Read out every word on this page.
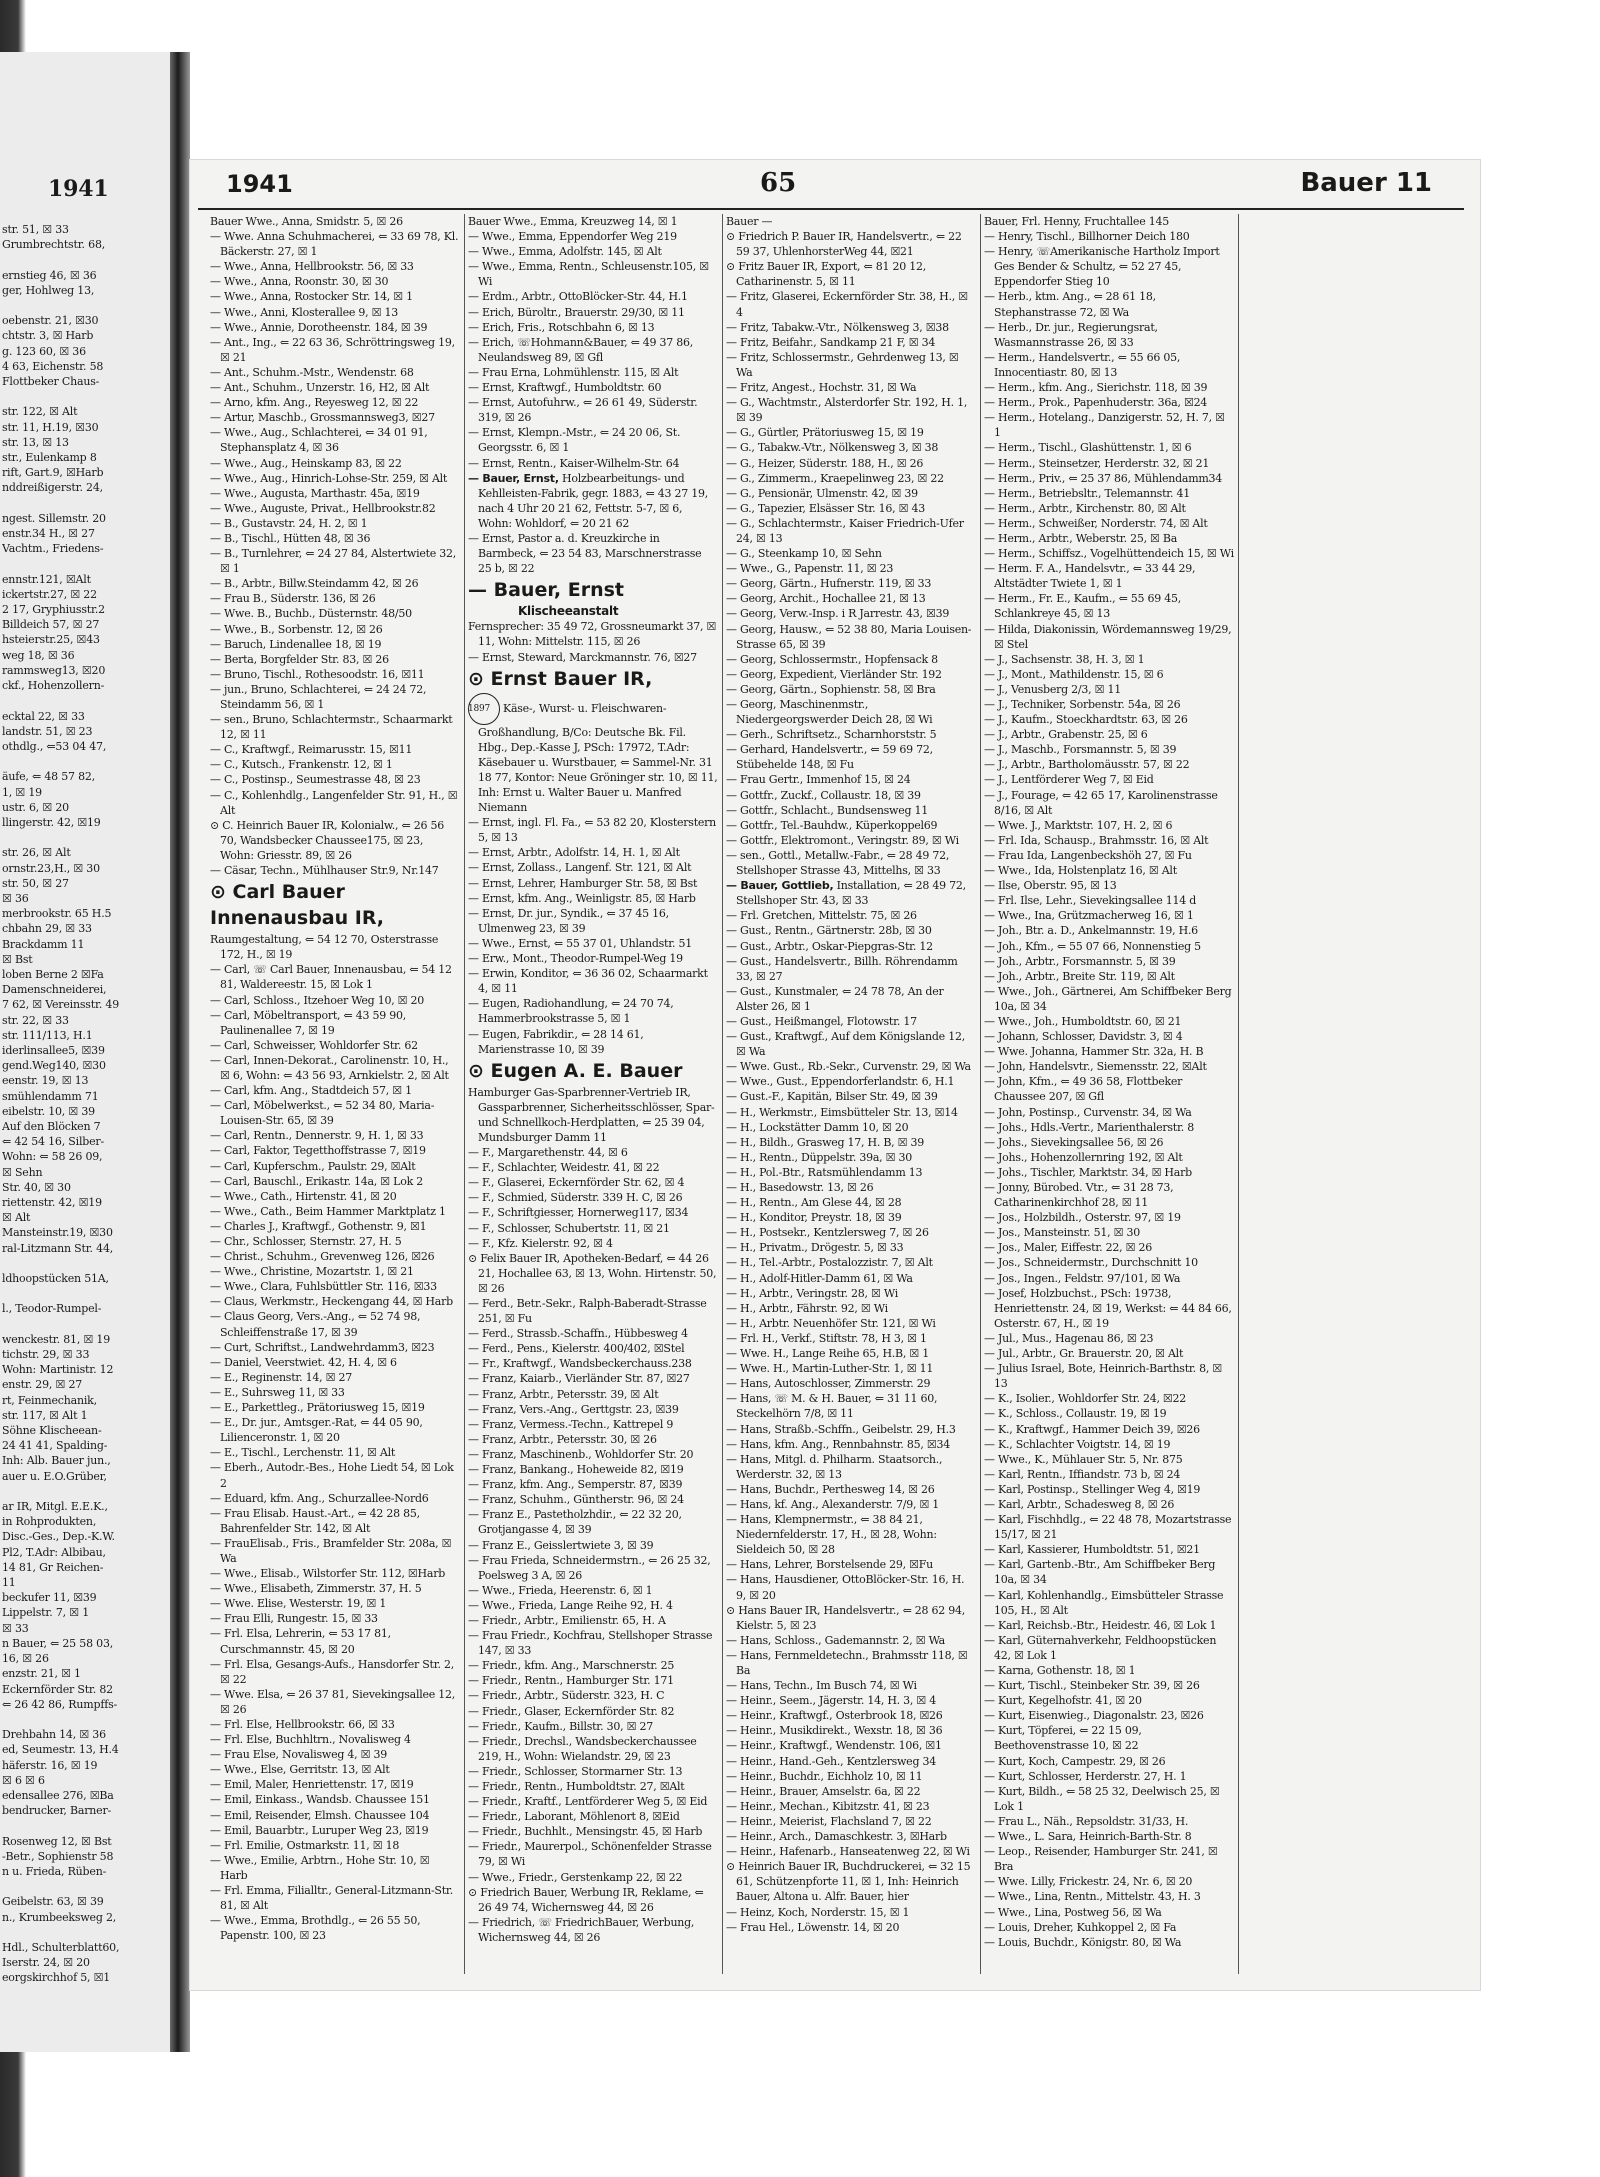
1941
str. 51, ☒ 33
Grumbrechtstr. 68,

ernstieg 46, ☒ 36
ger, Hohlweg 13,

oebenstr. 21, ☒30
chtstr. 3, ☒ Harb
g. 123 60, ☒ 36
4 63, Eichenstr. 58
Flottbeker Chaus-

str. 122, ☒ Alt
str. 11, H.19, ☒30
str. 13, ☒ 13
str., Eulenkamp 8
rift, Gart.9, ☒Harb
nddreißigerstr. 24,

ngest. Sillemstr. 20
enstr.34 H., ☒ 27
Vachtm., Friedens-

ennstr.121, ☒Alt
ickertstr.27, ☒ 22
2 17, Gryphiusstr.2
Billdeich 57, ☒ 27
hsteierstr.25, ☒43
weg 18, ☒ 36
rammsweg13, ☒20
ckf., Hohenzollern-

ecktal 22, ☒ 33
landstr. 51, ☒ 23
othdlg., ⇐53 04 47,

äufe, ⇐ 48 57 82,
1, ☒ 19
ustr. 6, ☒ 20
llingerstr. 42, ☒19

str. 26, ☒ Alt
ornstr.23,H., ☒ 30
str. 50, ☒ 27
☒ 36
merbrookstr. 65 H.5
chbahn 29, ☒ 33
Brackdamm 11
☒ Bst
loben Berne 2 ☒Fa
Damenschneiderei,
7 62, ☒ Vereinsstr. 49
str. 22, ☒ 33
str. 111/113, H.1
iderlinsallee5, ☒39
gend.Weg140, ☒30
eenstr. 19, ☒ 13
smühlendamm 71
eibelstr. 10, ☒ 39
Auf den Blöcken 7
⇐ 42 54 16, Silber-
Wohn: ⇐ 58 26 09,
☒ Sehn
Str. 40, ☒ 30
riettenstr. 42, ☒19
☒ Alt
Mansteinstr.19, ☒30
ral-Litzmann Str. 44,

ldhoopstücken 51A,

l., Teodor-Rumpel-

wenckestr. 81, ☒ 19
tichstr. 29, ☒ 33
Wohn: Martinistr. 12
enstr. 29, ☒ 27
rt, Feinmechanik,
str. 117, ☒ Alt 1
Söhne Klischeean-
24 41 41, Spalding-
Inh: Alb. Bauer jun.,
auer u. E.O.Grüber,

ar IR, Mitgl. E.E.K.,
in Rohprodukten,
Disc.-Ges., Dep.-K.W.
Pl2, T.Adr: Albibau,
14 81, Gr Reichen-
11
beckufer 11, ☒39
Lippelstr. 7, ☒ 1
☒ 33
n Bauer, ⇐ 25 58 03,
16, ☒ 26
enzstr. 21, ☒ 1
Eckernförder Str. 82
⇐ 26 42 86, Rumpffs-

Drehbahn 14, ☒ 36
ed, Seumestr. 13, H.4
häferstr. 16, ☒ 19
☒ 6 ☒ 6
edensallee 276, ☒Ba
bendrucker, Barner-

Rosenweg 12, ☒ Bst
-Betr., Sophienstr 58
n u. Frieda, Rüben-

Geibelstr. 63, ☒ 39
n., Krumbeeksweg 2,

Hdl., Schulterblatt60,
Iserstr. 24, ☒ 20
eorgskirchhof 5, ☒1
1941	65	Bauer 11
Bauer Wwe., Anna, Smidstr. 5, ☒ 26
— Wwe. Anna Schuhmacherei, ⇐ 33 69 78, Kl. Bäckerstr. 27, ☒ 1
— Wwe., Anna, Hellbrookstr. 56, ☒ 33
— Wwe., Anna, Roonstr. 30, ☒ 30
— Wwe., Anna, Rostocker Str. 14, ☒ 1
— Wwe., Anni, Klosterallee 9, ☒ 13
— Wwe., Annie, Dorotheenstr. 184, ☒ 39
— Ant., Ing., ⇐ 22 63 36, Schröttringsweg 19, ☒ 21
— Ant., Schuhm.-Mstr., Wendenstr. 68
— Ant., Schuhm., Unzerstr. 16, H2, ☒ Alt
— Arno, kfm. Ang., Reyesweg 12, ☒ 22
— Artur, Maschb., Grossmannsweg3, ☒27
— Wwe., Aug., Schlachterei, ⇐ 34 01 91, Stephansplatz 4, ☒ 36
— Wwe., Aug., Heinskamp 83, ☒ 22
— Wwe., Aug., Hinrich-Lohse-Str. 259, ☒ Alt
— Wwe., Augusta, Marthastr. 45a, ☒19
— Wwe., Auguste, Privat., Hellbrookstr.82
— B., Gustavstr. 24, H. 2, ☒ 1
— B., Tischl., Hütten 48, ☒ 36
— B., Turnlehrer, ⇐ 24 27 84, Alstertwiete 32, ☒ 1
— B., Arbtr., Billw.Steindamm 42, ☒ 26
— Frau B., Süderstr. 136, ☒ 26
— Wwe. B., Buchb., Düsternstr. 48/50
— Wwe., B., Sorbenstr. 12, ☒ 26
— Baruch, Lindenallee 18, ☒ 19
— Berta, Borgfelder Str. 83, ☒ 26
— Bruno, Tischl., Rothesoodstr. 16, ☒11
— jun., Bruno, Schlachterei, ⇐ 24 24 72, Steindamm 56, ☒ 1
— sen., Bruno, Schlachtermstr., Schaarmarkt 12, ☒ 11
— C., Kraftwgf., Reimarusstr. 15, ☒11
— C., Kutsch., Frankenstr. 12, ☒ 1
— C., Postinsp., Seumestrasse 48, ☒ 23
— C., Kohlenhdlg., Langenfelder Str. 91, H., ☒ Alt
⊙ C. Heinrich Bauer IR, Kolonialw., ⇐ 26 56 70, Wandsbecker Chaussee175, ☒ 23, Wohn: Griesstr. 89, ☒ 26
— Cäsar, Techn., Mühlhauser Str.9, Nr.147
⊙ Carl Bauer
Innenausbau IR,
Raumgestaltung, ⇐ 54 12 70, Osterstrasse 172, H., ☒ 19
— Carl, ☏ Carl Bauer, Innenausbau, ⇐ 54 12 81, Waldereestr. 15, ☒ Lok 1
— Carl, Schloss., Itzehoer Weg 10, ☒ 20
— Carl, Möbeltransport, ⇐ 43 59 90, Paulinenallee 7, ☒ 19
— Carl, Schweisser, Wohldorfer Str. 62
— Carl, Innen-Dekorat., Carolinenstr. 10, H., ☒ 6, Wohn: ⇐ 43 56 93, Arnkielstr. 2, ☒ Alt
— Carl, kfm. Ang., Stadtdeich 57, ☒ 1
— Carl, Möbelwerkst., ⇐ 52 34 80, Maria-Louisen-Str. 65, ☒ 39
— Carl, Rentn., Dennerstr. 9, H. 1, ☒ 33
— Carl, Faktor, Tegetthoffstrasse 7, ☒19
— Carl, Kupferschm., Paulstr. 29, ☒Alt
— Carl, Bauschl., Erikastr. 14a, ☒ Lok 2
— Wwe., Cath., Hirtenstr. 41, ☒ 20
— Wwe., Cath., Beim Hammer Marktplatz 1
— Charles J., Kraftwgf., Gothenstr. 9, ☒1
— Chr., Schlosser, Sternstr. 27, H. 5
— Christ., Schuhm., Grevenweg 126, ☒26
— Wwe., Christine, Mozartstr. 1, ☒ 21
— Wwe., Clara, Fuhlsbüttler Str. 116, ☒33
— Claus, Werkmstr., Heckengang 44, ☒ Harb
— Claus Georg, Vers.-Ang., ⇐ 52 74 98, Schleiffenstraße 17, ☒ 39
— Curt, Schriftst., Landwehrdamm3, ☒23
— Daniel, Veerstwiet. 42, H. 4, ☒ 6
— E., Reginenstr. 14, ☒ 27
— E., Suhrsweg 11, ☒ 33
— E., Parkettleg., Prätoriusweg 15, ☒19
— E., Dr. jur., Amtsger.-Rat, ⇐ 44 05 90, Lilienceronstr. 1, ☒ 20
— E., Tischl., Lerchenstr. 11, ☒ Alt
— Eberh., Autodr.-Bes., Hohe Liedt 54, ☒ Lok 2
— Eduard, kfm. Ang., Schurzallee-Nord6
— Frau Elisab. Haust.-Art., ⇐ 42 28 85, Bahrenfelder Str. 142, ☒ Alt
— FrauElisab., Fris., Bramfelder Str. 208a, ☒ Wa
— Wwe., Elisab., Wilstorfer Str. 112, ☒Harb
— Wwe., Elisabeth, Zimmerstr. 37, H. 5
— Wwe. Elise, Westerstr. 19, ☒ 1
— Frau Elli, Rungestr. 15, ☒ 33
— Frl. Elsa, Lehrerin, ⇐ 53 17 81, Curschmannstr. 45, ☒ 20
— Frl. Elsa, Gesangs-Aufs., Hansdorfer Str. 2, ☒ 22
— Wwe. Elsa, ⇐ 26 37 81, Sievekingsallee 12, ☒ 26
— Frl. Else, Hellbrookstr. 66, ☒ 33
— Frl. Else, Buchhltrn., Novalisweg 4
— Frau Else, Novalisweg 4, ☒ 39
— Wwe., Else, Gerritstr. 13, ☒ Alt
— Emil, Maler, Henriettenstr. 17, ☒19
— Emil, Einkass., Wandsb. Chaussee 151
— Emil, Reisender, Elmsh. Chaussee 104
— Emil, Bauarbtr., Luruper Weg 23, ☒19
— Frl. Emilie, Ostmarkstr. 11, ☒ 18
— Wwe., Emilie, Arbtrn., Hohe Str. 10, ☒ Harb
— Frl. Emma, Filialltr., General-Litzmann-Str. 81, ☒ Alt
— Wwe., Emma, Brothdlg., ⇐ 26 55 50, Papenstr. 100, ☒ 23
Bauer Wwe., Emma, Kreuzweg 14, ☒ 1
— Wwe., Emma, Eppendorfer Weg 219
— Wwe., Emma, Adolfstr. 145, ☒ Alt
— Wwe., Emma, Rentn., Schleusenstr.105, ☒ Wi
— Erdm., Arbtr., OttoBlöcker-Str. 44, H.1
— Erich, Büroltr., Brauerstr. 29/30, ☒ 11
— Erich, Fris., Rotschbahn 6, ☒ 13
— Erich, ☏Hohmann&Bauer, ⇐ 49 37 86, Neulandsweg 89, ☒ Gfl
— Frau Erna, Lohmühlenstr. 115, ☒ Alt
— Ernst, Kraftwgf., Humboldtstr. 60
— Ernst, Autofuhrw., ⇐ 26 61 49, Süderstr. 319, ☒ 26
— Ernst, Klempn.-Mstr., ⇐ 24 20 06, St. Georgsstr. 6, ☒ 1
— Ernst, Rentn., Kaiser-Wilhelm-Str. 64
— Bauer, Ernst, Holzbearbeitungs- und Kehlleisten-Fabrik, gegr. 1883, ⇐ 43 27 19, nach 4 Uhr 20 21 62, Fettstr. 5-7, ☒ 6, Wohn: Wohldorf, ⇐ 20 21 62
— Ernst, Pastor a. d. Kreuzkirche in Barmbeck, ⇐ 23 54 83, Marschnerstrasse 25 b, ☒ 22
— Bauer, Ernst
Klischeeanstalt
Fernsprecher: 35 49 72, Grossneumarkt 37, ☒ 11, Wohn: Mittelstr. 115, ☒ 26
— Ernst, Steward, Marckmannstr. 76, ☒27
⊙ Ernst Bauer IR,
1897 Käse-, Wurst- u. Fleischwaren-Großhandlung, B/Co: Deutsche Bk. Fil. Hbg., Dep.-Kasse J, PSch: 17972, T.Adr: Käsebauer u. Wurstbauer, ⇐ Sammel-Nr. 31 18 77, Kontor: Neue Gröninger str. 10, ☒ 11, Inh: Ernst u. Walter Bauer u. Manfred Niemann
— Ernst, ingl. Fl. Fa., ⇐ 53 82 20, Klosterstern 5, ☒ 13
— Ernst, Arbtr., Adolfstr. 14, H. 1, ☒ Alt
— Ernst, Zollass., Langenf. Str. 121, ☒ Alt
— Ernst, Lehrer, Hamburger Str. 58, ☒ Bst
— Ernst, kfm. Ang., Weinligstr. 85, ☒ Harb
— Ernst, Dr. jur., Syndik., ⇐ 37 45 16, Ulmenweg 23, ☒ 39
— Wwe., Ernst, ⇐ 55 37 01, Uhlandstr. 51
— Erw., Mont., Theodor-Rumpel-Weg 19
— Erwin, Konditor, ⇐ 36 36 02, Schaarmarkt 4, ☒ 11
— Eugen, Radiohandlung, ⇐ 24 70 74, Hammerbrookstrasse 5, ☒ 1
— Eugen, Fabrikdir., ⇐ 28 14 61, Marienstrasse 10, ☒ 39
⊙ Eugen A. E. Bauer
Hamburger Gas-Sparbrenner-Vertrieb IR, Gassparbrenner, Sicherheitsschlösser, Spar- und Schnellkoch-Herdplatten, ⇐ 25 39 04, Mundsburger Damm 11
— F., Margarethenstr. 44, ☒ 6
— F., Schlachter, Weidestr. 41, ☒ 22
— F., Glaserei, Eckernförder Str. 62, ☒ 4
— F., Schmied, Süderstr. 339 H. C, ☒ 26
— F., Schriftgiesser, Hornerweg117, ☒34
— F., Schlosser, Schubertstr. 11, ☒ 21
— F., Kfz. Kielerstr. 92, ☒ 4
⊙ Felix Bauer IR, Apotheken-Bedarf, ⇐ 44 26 21, Hochallee 63, ☒ 13, Wohn. Hirtenstr. 50, ☒ 26
— Ferd., Betr.-Sekr., Ralph-Baberadt-Strasse 251, ☒ Fu
— Ferd., Strassb.-Schaffn., Hübbesweg 4
— Ferd., Pens., Kielerstr. 400/402, ☒Stel
— Fr., Kraftwgf., Wandsbeckerchauss.238
— Franz, Kaiarb., Vierländer Str. 87, ☒27
— Franz, Arbtr., Petersstr. 39, ☒ Alt
— Franz, Vers.-Ang., Gerttgstr. 23, ☒39
— Franz, Vermess.-Techn., Kattrepel 9
— Franz, Arbtr., Petersstr. 30, ☒ 26
— Franz, Maschinenb., Wohldorfer Str. 20
— Franz, Bankang., Hoheweide 82, ☒19
— Franz, kfm. Ang., Semperstr. 87, ☒39
— Franz, Schuhm., Güntherstr. 96, ☒ 24
— Franz E., Pastetholzhdir., ⇐ 22 32 20, Grotjangasse 4, ☒ 39
— Franz E., Geisslertwiete 3, ☒ 39
— Frau Frieda, Schneidermstrn., ⇐ 26 25 32, Poelsweg 3 A, ☒ 26
— Wwe., Frieda, Heerenstr. 6, ☒ 1
— Wwe., Frieda, Lange Reihe 92, H. 4
— Friedr., Arbtr., Emilienstr. 65, H. A
— Frau Friedr., Kochfrau, Stellshoper Strasse 147, ☒ 33
— Friedr., kfm. Ang., Marschnerstr. 25
— Friedr., Rentn., Hamburger Str. 171
— Friedr., Arbtr., Süderstr. 323, H. C
— Friedr., Glaser, Eckernförder Str. 82
— Friedr., Kaufm., Billstr. 30, ☒ 27
— Friedr., Drechsl., Wandsbeckerchaussee 219, H., Wohn: Wielandstr. 29, ☒ 23
— Friedr., Schlosser, Stormarner Str. 13
— Friedr., Rentn., Humboldtstr. 27, ☒Alt
— Friedr., Kraftf., Lentförderer Weg 5, ☒ Eid
— Friedr., Laborant, Möhlenort 8, ☒Eid
— Friedr., Buchhlt., Mensingstr. 45, ☒ Harb
— Friedr., Maurerpol., Schönenfelder Strasse 79, ☒ Wi
— Wwe., Friedr., Gerstenkamp 22, ☒ 22
⊙ Friedrich Bauer, Werbung IR, Reklame, ⇐ 26 49 74, Wichernsweg 44, ☒ 26
— Friedrich, ☏ FriedrichBauer, Werbung, Wichernsweg 44, ☒ 26
Bauer —
⊙ Friedrich P. Bauer IR, Handelsvertr., ⇐ 22 59 37, UhlenhorsterWeg 44, ☒21
⊙ Fritz Bauer IR, Export, ⇐ 81 20 12, Catharinenstr. 5, ☒ 11
— Fritz, Glaserei, Eckernförder Str. 38, H., ☒ 4
— Fritz, Tabakw.-Vtr., Nölkensweg 3, ☒38
— Fritz, Beifahr., Sandkamp 21 F, ☒ 34
— Fritz, Schlossermstr., Gehrdenweg 13, ☒ Wa
— Fritz, Angest., Hochstr. 31, ☒ Wa
— G., Wachtmstr., Alsterdorfer Str. 192, H. 1, ☒ 39
— G., Gürtler, Prätoriusweg 15, ☒ 19
— G., Tabakw.-Vtr., Nölkensweg 3, ☒ 38
— G., Heizer, Süderstr. 188, H., ☒ 26
— G., Zimmerm., Kraepelinweg 23, ☒ 22
— G., Pensionär, Ulmenstr. 42, ☒ 39
— G., Tapezier, Elsässer Str. 16, ☒ 43
— G., Schlachtermstr., Kaiser Friedrich-Ufer 24, ☒ 13
— G., Steenkamp 10, ☒ Sehn
— Wwe., G., Papenstr. 11, ☒ 23
— Georg, Gärtn., Hufnerstr. 119, ☒ 33
— Georg, Archit., Hochallee 21, ☒ 13
— Georg, Verw.-Insp. i R Jarrestr. 43, ☒39
— Georg, Hausw., ⇐ 52 38 80, Maria Louisen-Strasse 65, ☒ 39
— Georg, Schlossermstr., Hopfensack 8
— Georg, Expedient, Vierländer Str. 192
— Georg, Gärtn., Sophienstr. 58, ☒ Bra
— Georg, Maschinenmstr., Niedergeorgswerder Deich 28, ☒ Wi
— Gerh., Schriftsetz., Scharnhorststr. 5
— Gerhard, Handelsvertr., ⇐ 59 69 72, Stübehelde 148, ☒ Fu
— Frau Gertr., Immenhof 15, ☒ 24
— Gottfr., Zuckf., Collaustr. 18, ☒ 39
— Gottfr., Schlacht., Bundsensweg 11
— Gottfr., Tel.-Bauhdw., Küperkoppel69
— Gottfr., Elektromont., Veringstr. 89, ☒ Wi
— sen., Gottl., Metallw.-Fabr., ⇐ 28 49 72, Stellshoper Strasse 43, Mittelhs, ☒ 33
— Bauer, Gottlieb, Installation, ⇐ 28 49 72, Stellshoper Str. 43, ☒ 33
— Frl. Gretchen, Mittelstr. 75, ☒ 26
— Gust., Rentn., Gärtnerstr. 28b, ☒ 30
— Gust., Arbtr., Oskar-Piepgras-Str. 12
— Gust., Handelsvertr., Billh. Röhrendamm 33, ☒ 27
— Gust., Kunstmaler, ⇐ 24 78 78, An der Alster 26, ☒ 1
— Gust., Heißmangel, Flotowstr. 17
— Gust., Kraftwgf., Auf dem Königslande 12, ☒ Wa
— Wwe. Gust., Rb.-Sekr., Curvenstr. 29, ☒ Wa
— Wwe., Gust., Eppendorferlandstr. 6, H.1
— Gust.-F., Kapitän, Bilser Str. 49, ☒ 39
— H., Werkmstr., Eimsbütteler Str. 13, ☒14
— H., Lockstätter Damm 10, ☒ 20
— H., Bildh., Grasweg 17, H. B, ☒ 39
— H., Rentn., Düppelstr. 39a, ☒ 30
— H., Pol.-Btr., Ratsmühlendamm 13
— H., Basedowstr. 13, ☒ 26
— H., Rentn., Am Glese 44, ☒ 28
— H., Konditor, Preystr. 18, ☒ 39
— H., Postsekr., Kentzlersweg 7, ☒ 26
— H., Privatm., Drögestr. 5, ☒ 33
— H., Tel.-Arbtr., Postalozzistr. 7, ☒ Alt
— H., Adolf-Hitler-Damm 61, ☒ Wa
— H., Arbtr., Veringstr. 28, ☒ Wi
— H., Arbtr., Fährstr. 92, ☒ Wi
— H., Arbtr. Neuenhöfer Str. 121, ☒ Wi
— Frl. H., Verkf., Stiftstr. 78, H 3, ☒ 1
— Wwe. H., Lange Reihe 65, H.B, ☒ 1
— Wwe. H., Martin-Luther-Str. 1, ☒ 11
— Hans, Autoschlosser, Zimmerstr. 29
— Hans, ☏ M. & H. Bauer, ⇐ 31 11 60, Steckelhörn 7/8, ☒ 11
— Hans, Straßb.-Schffn., Geibelstr. 29, H.3
— Hans, kfm. Ang., Rennbahnstr. 85, ☒34
— Hans, Mitgl. d. Philharm. Staatsorch., Werderstr. 32, ☒ 13
— Hans, Buchdr., Perthesweg 14, ☒ 26
— Hans, kf. Ang., Alexanderstr. 7/9, ☒ 1
— Hans, Klempnermstr., ⇐ 38 84 21, Niedernfelderstr. 17, H., ☒ 28, Wohn: Sieldeich 50, ☒ 28
— Hans, Lehrer, Borstelsende 29, ☒Fu
— Hans, Hausdiener, OttoBlöcker-Str. 16, H. 9, ☒ 20
⊙ Hans Bauer IR, Handelsvertr., ⇐ 28 62 94, Kielstr. 5, ☒ 23
— Hans, Schloss., Gademannstr. 2, ☒ Wa
— Hans, Fernmeldetechn., Brahmsstr 118, ☒ Ba
— Hans, Techn., Im Busch 74, ☒ Wi
— Heinr., Seem., Jägerstr. 14, H. 3, ☒ 4
— Heinr., Kraftwgf., Osterbrook 18, ☒26
— Heinr., Musikdirekt., Wexstr. 18, ☒ 36
— Heinr., Kraftwgf., Wendenstr. 106, ☒1
— Heinr., Hand.-Geh., Kentzlersweg 34
— Heinr., Buchdr., Eichholz 10, ☒ 11
— Heinr., Brauer, Amselstr. 6a, ☒ 22
— Heinr., Mechan., Kibitzstr. 41, ☒ 23
— Heinr., Meierist, Flachsland 7, ☒ 22
— Heinr., Arch., Damaschkestr. 3, ☒Harb
— Heinr., Hafenarb., Hanseatenweg 22, ☒ Wi
⊙ Heinrich Bauer IR, Buchdruckerei, ⇐ 32 15 61, Schützenpforte 11, ☒ 1, Inh: Heinrich Bauer, Altona u. Alfr. Bauer, hier
— Heinz, Koch, Norderstr. 15, ☒ 1
— Frau Hel., Löwenstr. 14, ☒ 20
Bauer, Frl. Henny, Fruchtallee 145
— Henry, Tischl., Billhorner Deich 180
— Henry, ☏Amerikanische Hartholz Import Ges Bender & Schultz, ⇐ 52 27 45, Eppendorfer Stieg 10
— Herb., ktm. Ang., ⇐ 28 61 18, Stephanstrasse 72, ☒ Wa
— Herb., Dr. jur., Regierungsrat, Wasmannstrasse 26, ☒ 33
— Herm., Handelsvertr., ⇐ 55 66 05, Innocentiastr. 80, ☒ 13
— Herm., kfm. Ang., Sierichstr. 118, ☒ 39
— Herm., Prok., Papenhuderstr. 36a, ☒24
— Herm., Hotelang., Danzigerstr. 52, H. 7, ☒ 1
— Herm., Tischl., Glashüttenstr. 1, ☒ 6
— Herm., Steinsetzer, Herderstr. 32, ☒ 21
— Herm., Priv., ⇐ 25 37 86, Mühlendamm34
— Herm., Betriebsltr., Telemannstr. 41
— Herm., Arbtr., Kirchenstr. 80, ☒ Alt
— Herm., Schweißer, Norderstr. 74, ☒ Alt
— Herm., Arbtr., Weberstr. 25, ☒ Ba
— Herm., Schiffsz., Vogelhüttendeich 15, ☒ Wi
— Herm. F. A., Handelsvtr., ⇐ 33 44 29, Altstädter Twiete 1, ☒ 1
— Herm., Fr. E., Kaufm., ⇐ 55 69 45, Schlankreye 45, ☒ 13
— Hilda, Diakonissin, Wördemannsweg 19/29, ☒ Stel
— J., Sachsenstr. 38, H. 3, ☒ 1
— J., Mont., Mathildenstr. 15, ☒ 6
— J., Venusberg 2/3, ☒ 11
— J., Techniker, Sorbenstr. 54a, ☒ 26
— J., Kaufm., Stoeckhardtstr. 63, ☒ 26
— J., Arbtr., Grabenstr. 25, ☒ 6
— J., Maschb., Forsmannstr. 5, ☒ 39
— J., Arbtr., Bartholomäusstr. 57, ☒ 22
— J., Lentförderer Weg 7, ☒ Eid
— J., Fourage, ⇐ 42 65 17, Karolinenstrasse 8/16, ☒ Alt
— Wwe. J., Marktstr. 107, H. 2, ☒ 6
— Frl. Ida, Schausp., Brahmsstr. 16, ☒ Alt
— Frau Ida, Langenbeckshöh 27, ☒ Fu
— Wwe., Ida, Holstenplatz 16, ☒ Alt
— Ilse, Oberstr. 95, ☒ 13
— Frl. Ilse, Lehr., Sievekingsallee 114 d
— Wwe., Ina, Grützmacherweg 16, ☒ 1
— Joh., Btr. a. D., Ankelmannstr. 19, H.6
— Joh., Kfm., ⇐ 55 07 66, Nonnenstieg 5
— Joh., Arbtr., Forsmannstr. 5, ☒ 39
— Joh., Arbtr., Breite Str. 119, ☒ Alt
— Wwe., Joh., Gärtnerei, Am Schiffbeker Berg 10a, ☒ 34
— Wwe., Joh., Humboldtstr. 60, ☒ 21
— Johann, Schlosser, Davidstr. 3, ☒ 4
— Wwe. Johanna, Hammer Str. 32a, H. B
— John, Handelsvtr., Siemensstr. 22, ☒Alt
— John, Kfm., ⇐ 49 36 58, Flottbeker Chaussee 207, ☒ Gfl
— John, Postinsp., Curvenstr. 34, ☒ Wa
— Johs., Hdls.-Vertr., Marienthalerstr. 8
— Johs., Sievekingsallee 56, ☒ 26
— Johs., Hohenzollernring 192, ☒ Alt
— Johs., Tischler, Marktstr. 34, ☒ Harb
— Jonny, Bürobed. Vtr., ⇐ 31 28 73, Catharinenkirchhof 28, ☒ 11
— Jos., Holzbildh., Osterstr. 97, ☒ 19
— Jos., Mansteinstr. 51, ☒ 30
— Jos., Maler, Eiffestr. 22, ☒ 26
— Jos., Schneidermstr., Durchschnitt 10
— Jos., Ingen., Feldstr. 97/101, ☒ Wa
— Josef, Holzbuchst., PSch: 19738, Henriettenstr. 24, ☒ 19, Werkst: ⇐ 44 84 66, Osterstr. 67, H., ☒ 19
— Jul., Mus., Hagenau 86, ☒ 23
— Jul., Arbtr., Gr. Brauerstr. 20, ☒ Alt
— Julius Israel, Bote, Heinrich-Barthstr. 8, ☒ 13
— K., Isolier., Wohldorfer Str. 24, ☒22
— K., Schloss., Collaustr. 19, ☒ 19
— K., Kraftwgf., Hammer Deich 39, ☒26
— K., Schlachter Voigtstr. 14, ☒ 19
— Wwe., K., Mühlauer Str. 5, Nr. 875
— Karl, Rentn., Iffiandstr. 73 b, ☒ 24
— Karl, Postinsp., Stellinger Weg 4, ☒19
— Karl, Arbtr., Schadesweg 8, ☒ 26
— Karl, Fischhdlg., ⇐ 22 48 78, Mozartstrasse 15/17, ☒ 21
— Karl, Kassierer, Humboldtstr. 51, ☒21
— Karl, Gartenb.-Btr., Am Schiffbeker Berg 10a, ☒ 34
— Karl, Kohlenhandlg., Eimsbütteler Strasse 105, H., ☒ Alt
— Karl, Reichsb.-Btr., Heidestr. 46, ☒ Lok 1
— Karl, Güternahverkehr, Feldhoopstücken 42, ☒ Lok 1
— Karna, Gothenstr. 18, ☒ 1
— Kurt, Tischl., Steinbeker Str. 39, ☒ 26
— Kurt, Kegelhofstr. 41, ☒ 20
— Kurt, Eisenwieg., Diagonalstr. 23, ☒26
— Kurt, Töpferei, ⇐ 22 15 09, Beethovenstrasse 10, ☒ 22
— Kurt, Koch, Campestr. 29, ☒ 26
— Kurt, Schlosser, Herderstr. 27, H. 1
— Kurt, Bildh., ⇐ 58 25 32, Deelwisch 25, ☒ Lok 1
— Frau L., Näh., Repsoldstr. 31/33, H.
— Wwe., L. Sara, Heinrich-Barth-Str. 8
— Leop., Reisender, Hamburger Str. 241, ☒ Bra
— Wwe. Lilly, Frickestr. 24, Nr. 6, ☒ 20
— Wwe., Lina, Rentn., Mittelstr. 43, H. 3
— Wwe., Lina, Postweg 56, ☒ Wa
— Louis, Dreher, Kuhkoppel 2, ☒ Fa
— Louis, Buchdr., Königstr. 80, ☒ Wa
